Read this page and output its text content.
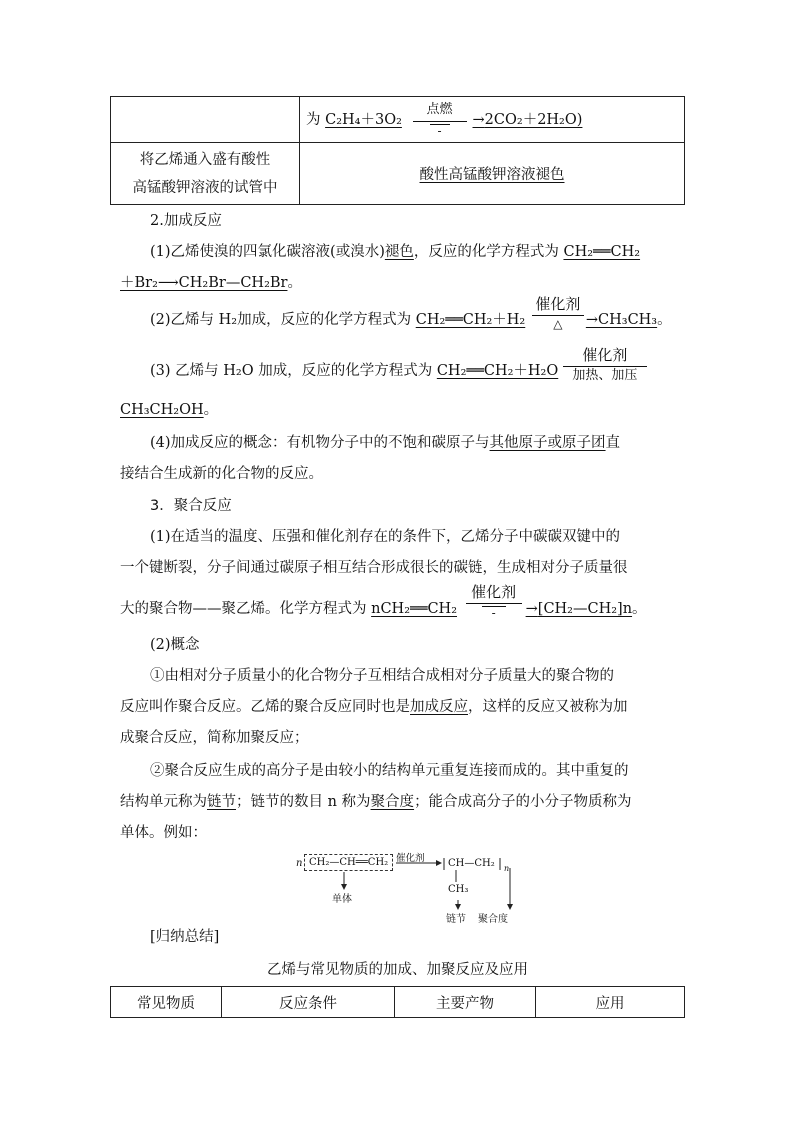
	为 C₂H₄＋3O₂
点燃
-
→2CO₂＋2H₂O)

将乙烯通入盛有酸性
高锰酸钾溶液的试管中	酸性高锰酸钾溶液褪色
2.加成反应
(1)乙烯使溴的四氯化碳溶液(或溴水)褪色，反应的化学方程式为 CH₂══CH₂
＋Br₂⟶CH₂Br—CH₂Br。
(2)乙烯与 H₂加成，反应的化学方程式为 CH₂══CH₂＋H₂
催化剂
△	→CH₃CH₃。
(3) 乙烯与 H₂O 加成，反应的化学方程式为 CH₂══CH₂＋H₂O
催化剂
加热、加压
CH₃CH₂OH。
(4)加成反应的概念：有机物分子中的不饱和碳原子与其他原子或原子团直
接结合生成新的化合物的反应。
3．聚合反应
(1)在适当的温度、压强和催化剂存在的条件下，乙烯分子中碳碳双键中的
一个键断裂，分子间通过碳原子相互结合形成很长的碳链，生成相对分子质量很
大的聚合物——聚乙烯。化学方程式为 nCH₂══CH₂
催化剂
-	→[CH₂—CH₂]n。
(2)概念
①由相对分子质量小的化合物分子互相结合成相对分子质量大的聚合物的
反应叫作聚合反应。乙烯的聚合反应同时也是加成反应，这样的反应又被称为加
成聚合反应，简称加聚反应；
②聚合反应生成的高分子是由较小的结构单元重复连接而成的。其中重复的
结构单元称为链节；链节的数目 n 称为聚合度；能合成高分子的小分子物质称为
单体。例如：
n CH₂—CH══CH₂ 催化剂 CH—CH₂ n
CH₃
单体
链节 聚合度
[归纳总结]
乙烯与常见物质的加成、加聚反应及应用
常见物质	反应条件	主要产物	应用
